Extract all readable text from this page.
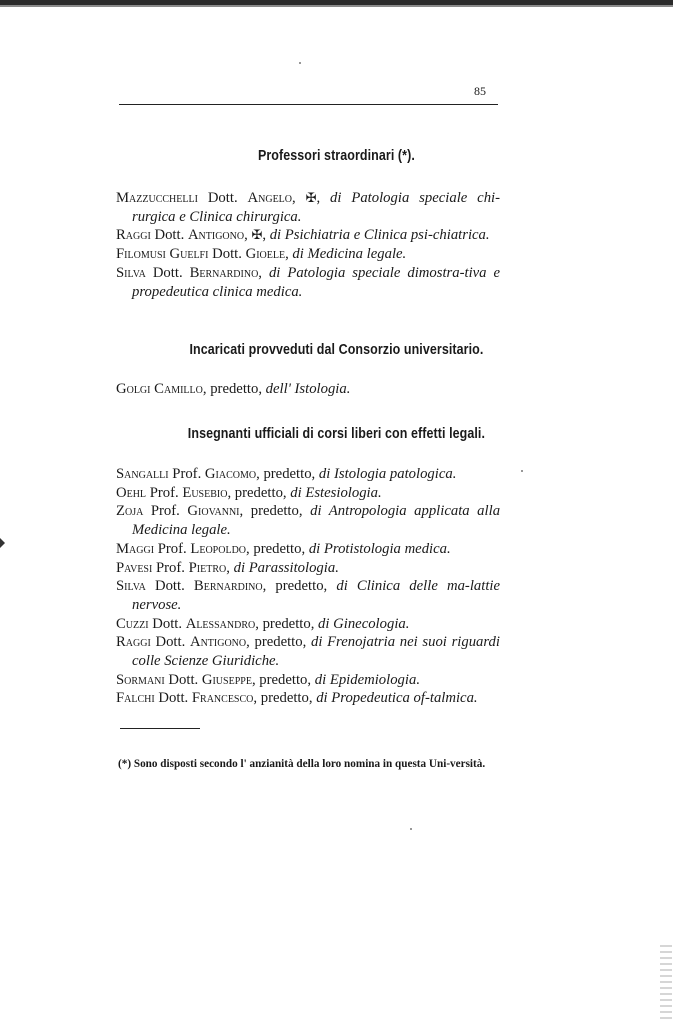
85
Professori straordinari (*).
Mazzucchelli Dott. Angelo, ✠, di Patologia speciale chi-rurgica e Clinica chirurgica.
Raggi Dott. Antigono, ✠, di Psichiatria e Clinica psi-chiatrica.
Filomusi Guelfi Dott. Gioele, di Medicina legale.
Silva Dott. Bernardino, di Patologia speciale dimostra-tiva e propedeutica clinica medica.
Incaricati provveduti dal Consorzio universitario.
Golgi Camillo, predetto, dell' Istologia.
Insegnanti ufficiali di corsi liberi con effetti legali.
Sangalli Prof. Giacomo, predetto, di Istologia patologica.
Oehl Prof. Eusebio, predetto, di Estesiologia.
Zoja Prof. Giovanni, predetto, di Antropologia applicata alla Medicina legale.
Maggi Prof. Leopoldo, predetto, di Protistologia medica.
Pavesi Prof. Pietro, di Parassitologia.
Silva Dott. Bernardino, predetto, di Clinica delle ma-lattie nervose.
Cuzzi Dott. Alessandro, predetto, di Ginecologia.
Raggi Dott. Antigono, predetto, di Frenojatria nei suoi riguardi colle Scienze Giuridiche.
Sormani Dott. Giuseppe, predetto, di Epidemiologia.
Falchi Dott. Francesco, predetto, di Propedeutica of-talmica.
(*) Sono disposti secondo l' anzianità della loro nomina in questa Uni-versità.
